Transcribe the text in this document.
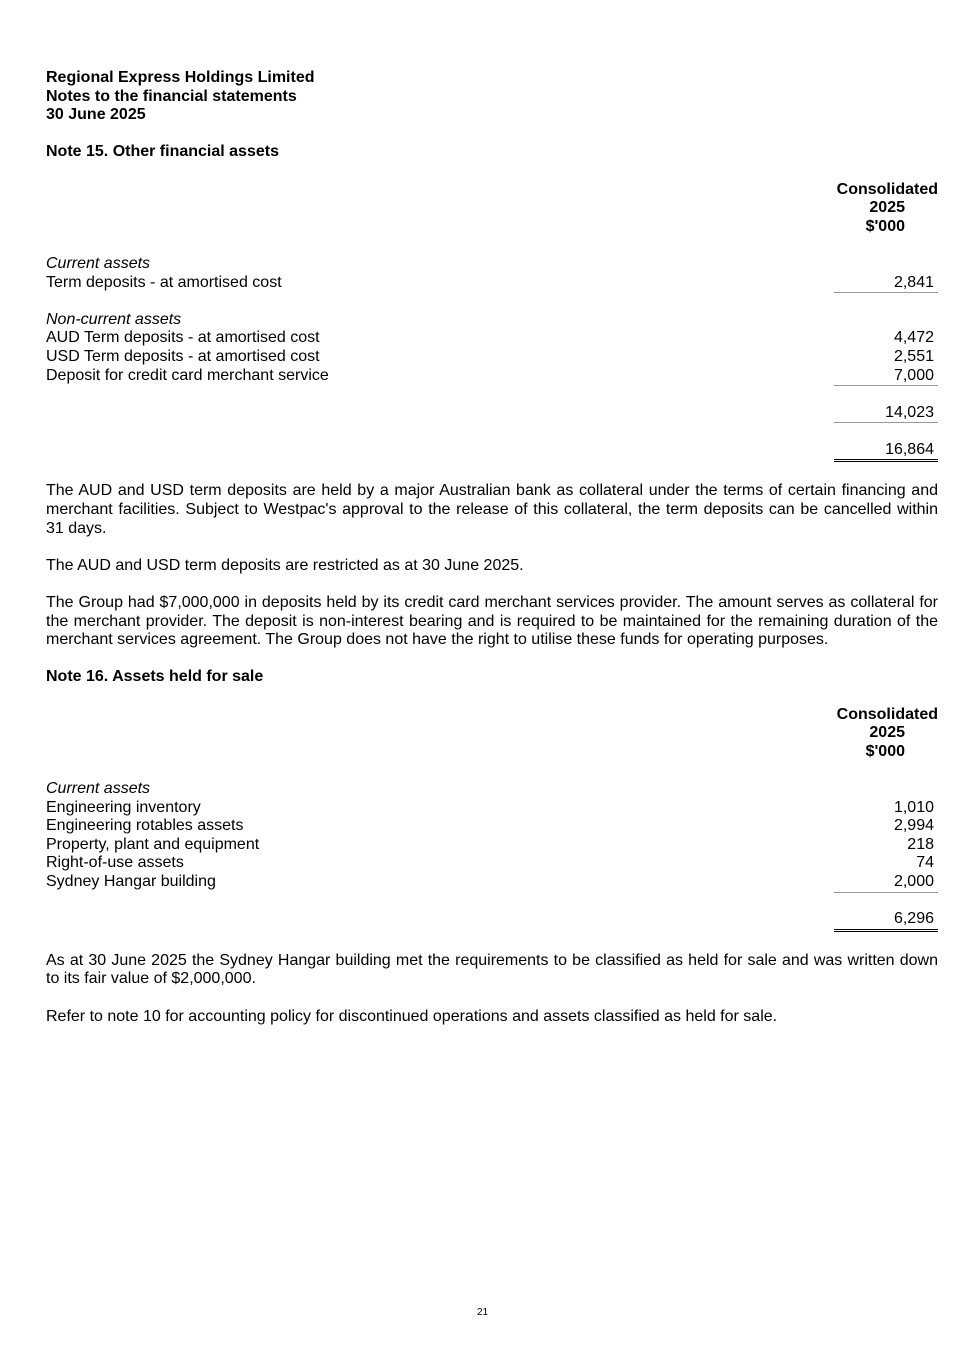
Regional Express Holdings Limited
Notes to the financial statements
30 June 2025
Note 15. Other financial assets
Consolidated
2025
$'000
Current assets
Term deposits - at amortised cost	2,841
Non-current assets
AUD Term deposits - at amortised cost	4,472
USD Term deposits - at amortised cost	2,551
Deposit for credit card merchant service	7,000
14,023
16,864

The AUD and USD term deposits are held by a major Australian bank as collateral under the terms of certain financing and merchant facilities. Subject to Westpac's approval to the release of this collateral, the term deposits can be cancelled within 31 days.

The AUD and USD term deposits are restricted as at 30 June 2025.

The Group had $7,000,000 in deposits held by its credit card merchant services provider. The amount serves as collateral for the merchant provider. The deposit is non-interest bearing and is required to be maintained for the remaining duration of the merchant services agreement. The Group does not have the right to utilise these funds for operating purposes.

Note 16. Assets held for sale
Consolidated
2025
$'000
Current assets
Engineering inventory	1,010
Engineering rotables assets	2,994
Property, plant and equipment	218
Right-of-use assets	74
Sydney Hangar building	2,000
6,296

As at 30 June 2025 the Sydney Hangar building met the requirements to be classified as held for sale and was written down to its fair value of $2,000,000.

Refer to note 10 for accounting policy for discontinued operations and assets classified as held for sale.

21
